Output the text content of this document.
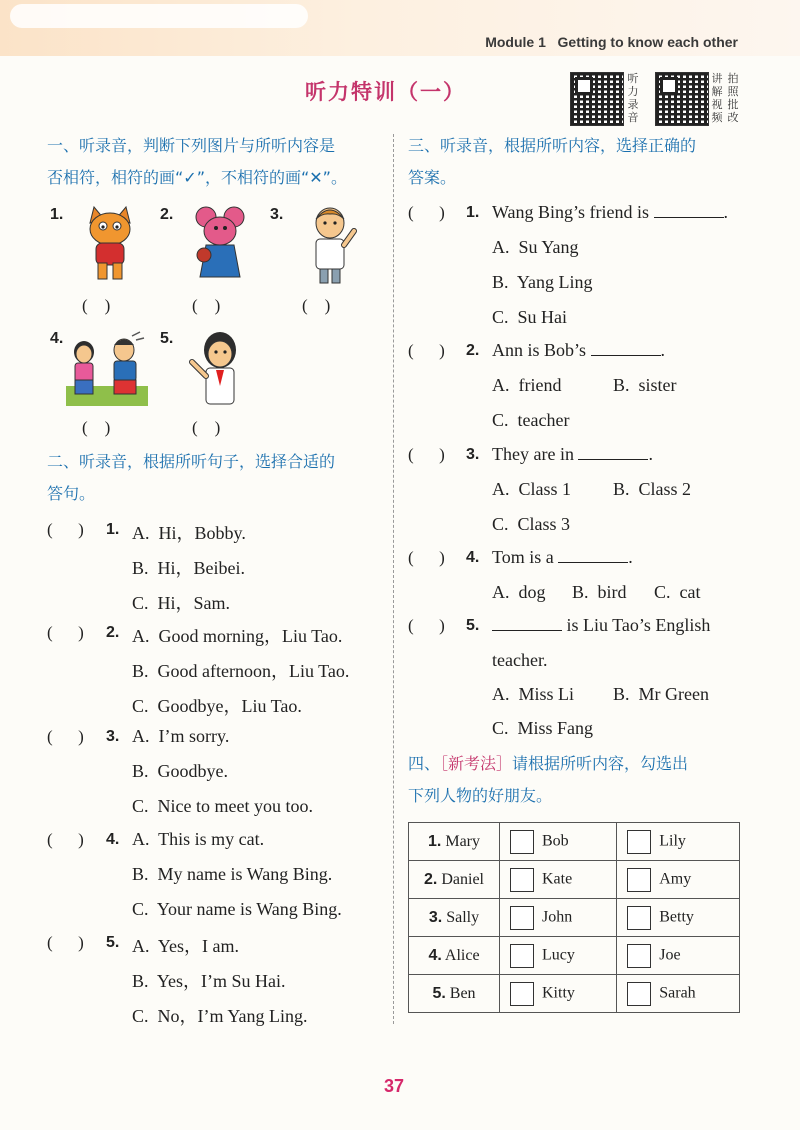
Module 1   Getting to know each other
听力特训（一）
听
力
录
音
讲
解
视
频
拍
照
批
改
一、听录音，判断下列图片与所听内容是
否相符，相符的画“✓”，不相符的画“✕”。
1.
(    )
2.
(    )
3.
(    )
4.
(    )
5.
(    )
二、听录音，根据所听句子，选择合适的
答句。
(      ) 1. A.  Hi，Bobby.
B.  Hi，Beibei.
C.  Hi，Sam.
(      ) 2. A.  Good morning，Liu Tao.
B.  Good afternoon，Liu Tao.
C.  Goodbye，Liu Tao.
(      ) 3. A.  I’m sorry.
B.  Goodbye.
C.  Nice to meet you too.
(      ) 4. A.  This is my cat.
B.  My name is Wang Bing.
C.  Your name is Wang Bing.
(      ) 5. A.  Yes，I am.
B.  Yes，I’m Su Hai.
C.  No，I’m Yang Ling.
三、听录音，根据所听内容，选择正确的
答案。
(      ) 1. Wang Bing’s friend is	.
A.  Su Yang
B.  Yang Ling
C.  Su Hai
(      ) 2. Ann is Bob’s	.
A.  friend	B.  sister
C.  teacher
(      ) 3. They are in	.
A.  Class 1 B.  Class 2
C.  Class 3
(      ) 4. Tom is a	.
A.  dog B.  bird C.  cat
(      ) 5.	is Liu Tao’s English
teacher.
A.  Miss Li B.  Mr Green
C.  Miss Fang
四、［新考法］请根据所听内容，勾选出
下列人物的好朋友。
1. Mary	Bob	Lily
2. Daniel	Kate	Amy
3. Sally	John	Betty
4. Alice	Lucy	Joe
5. Ben	Kitty	Sarah
37
